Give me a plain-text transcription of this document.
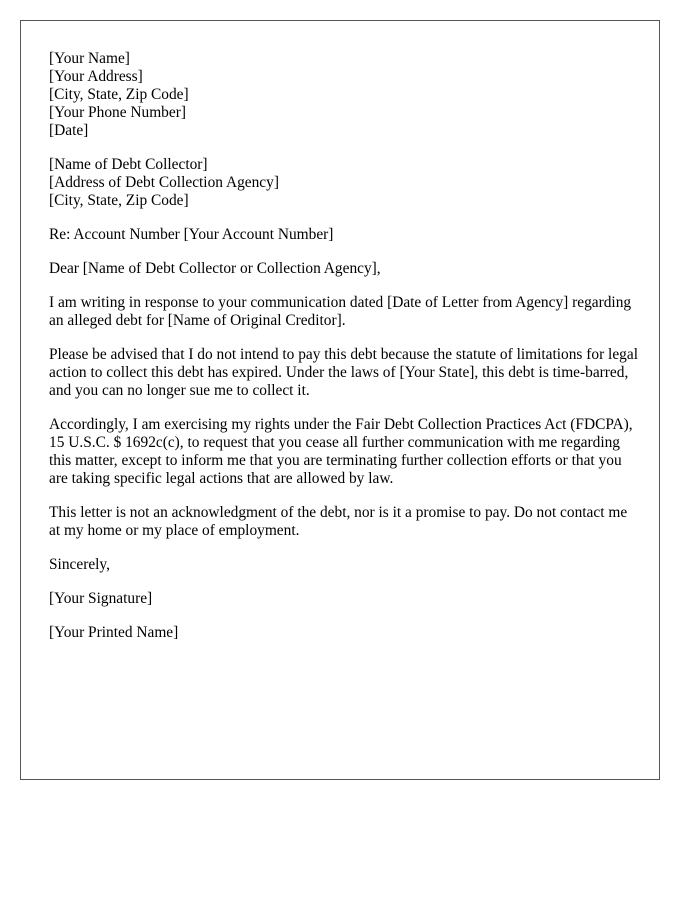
[Your Name]

[Your Address]

[City, State, Zip Code]

[Your Phone Number]

[Date]

[Name of Debt Collector]

[Address of Debt Collection Agency]

[City, State, Zip Code]

Re: Account Number [Your Account Number]

Dear [Name of Debt Collector or Collection Agency],

I am writing in response to your communication dated [Date of Letter from Agency] regarding an alleged debt for [Name of Original Creditor].

Please be advised that I do not intend to pay this debt because the statute of limitations for legal action to collect this debt has expired. Under the laws of [Your State], this debt is time-barred, and you can no longer sue me to collect it.

Accordingly, I am exercising my rights under the Fair Debt Collection Practices Act (FDCPA), 15 U.S.C. $ 1692c(c), to request that you cease all further communication with me regarding this matter, except to inform me that you are terminating further collection efforts or that you are taking specific legal actions that are allowed by law.

This letter is not an acknowledgment of the debt, nor is it a promise to pay. Do not contact me at my home or my place of employment.

Sincerely,

[Your Signature]

[Your Printed Name]
